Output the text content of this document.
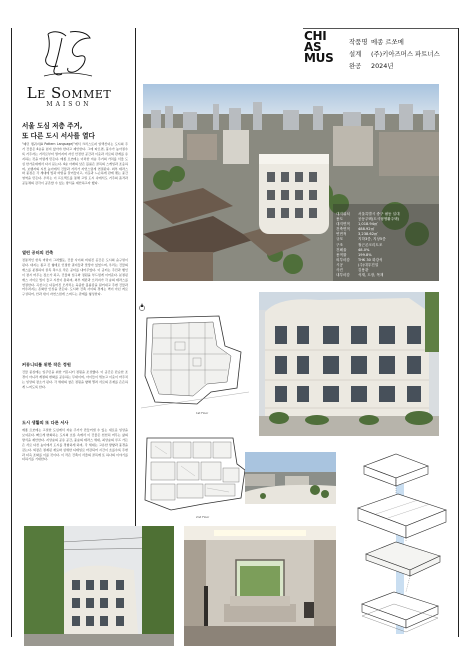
Le Sommet
MAISON
CHI
AS
MUS
작품명 메종 르쏘메
설계	(주)키아즈머스 파트너스
완공	2024년
서울 도심 저층 주거,
또 다른 도시 서사를 열다
"패턴 랭귀지(A Pattern Language)"에서 크리스토퍼 알렉산더는 도시의 주거 건물은 4층을 넘지 않아야 한다고 제안한다. 그에 따르면, 풍수가 높아질수록 거주자는 거리로부터 멀어지며 자신 안전한 공간과 이웃과 서로의 관계를 유지하는 것을 어렵게 만든다. 메종 르쏘메는 이러한 저층 주거의 가치를 서울 도심 한가운데에서 다시 묻는다. 4층 아래의 낮은 볼륨은 골목의 스케일과 조응하며, 보행자의 시선 높이에서 건물과 거리가 자연스럽게 연결된다. 외부 테라스와 중정은 각 세대에 빛과 바람을 끌어들이고, 이웃과 느슨하게 관계 맺는 중간 영역을 만든다. 우리는 이 프로젝트를 통해 고밀 도시 속에서도 거주의 품격과 공동체의 감각이 공존할 수 있는 방식을 제안하고자 했다.
열린 공터의 건축
전통적인 한옥 마당이 그러했듯, 건물 사이의 비워진 공간은 도시의 숨구멍이 된다. 대지는 좁고 긴 형태로 인접한 필지들과 맞닿아 있었으며, 우리는 건물의 매스를 분절하여 골목 쪽으로 작은 공터를 내어주었다. 이 공터는 주민과 행인이 잠시 머무는 장소가 되고, 건물의 입구와 정원을 부드럽게 이어준다. 분절된 매스 사이로 빛이 들고 시선이 통하며, 외부 계단과 브리지가 각 층의 테라스를 연결한다. 곡선으로 다듬어진 모서리는 육중한 볼륨감을 덜어내고 주변 건물과 어우러지는 온화한 인상을 만든다. 도시와 건축 사이의 경계는 벽이 아닌 켜로 구성되어, 안과 밖이 자연스럽게 스며드는 관계를 형성한다.
커뮤니티를 위한 작은 정원
건물 중심에는 입주민을 위한 커뮤니티 정원을 조성했다. 이 공간은 단순한 조경이 아니라 계절의 변화를 공유하는 무대이며, 아이들이 뛰놀고 이웃이 마주치는 일상의 장소가 된다. 각 세대의 창은 정원을 향해 열려 서로의 존재를 은은하게 느끼도록 한다.
도시 생활의 또 다른 서사
메종 르쏘메는 고밀한 도심에서 저층 주거가 만들어낼 수 있는 새로운 일상을 보여준다. 빠르게 변화하는 도시의 흐름 속에서 이 건물은 천천히 머무는 삶의 방식을 제안한다. 지상층의 공유 공간, 중층의 테라스 세대, 최상층의 루프 가든은 서로 다른 높이에서 도시를 경험하게 하며, 각 세대는 고유한 방향과 풍경을 갖는다. 외장은 절제된 재료와 섬세한 디테일로 마감되어 시간이 흐를수록 주변과 더욱 조화를 이룰 것이다. 이 작은 건축이 서울의 골목에 또 하나의 이야기를 더하기를 기대한다.
대지위치	서울특별시 중구 필동 일대
용도	공동주택(도시형생활주택)
대지면적	1,018.94㎡
건축면적	488.92㎡
연면적	3,238.62㎡
규모	지하3층, 지상5층
구조	철근콘크리트조
건폐율	48.0%
용적률	199.8%
외부마감	THK 30 화강석
시공	(주)대우건설
사진	김용관
내부마감	석재, 도장, 목재
1st Floor
2nd Floor
